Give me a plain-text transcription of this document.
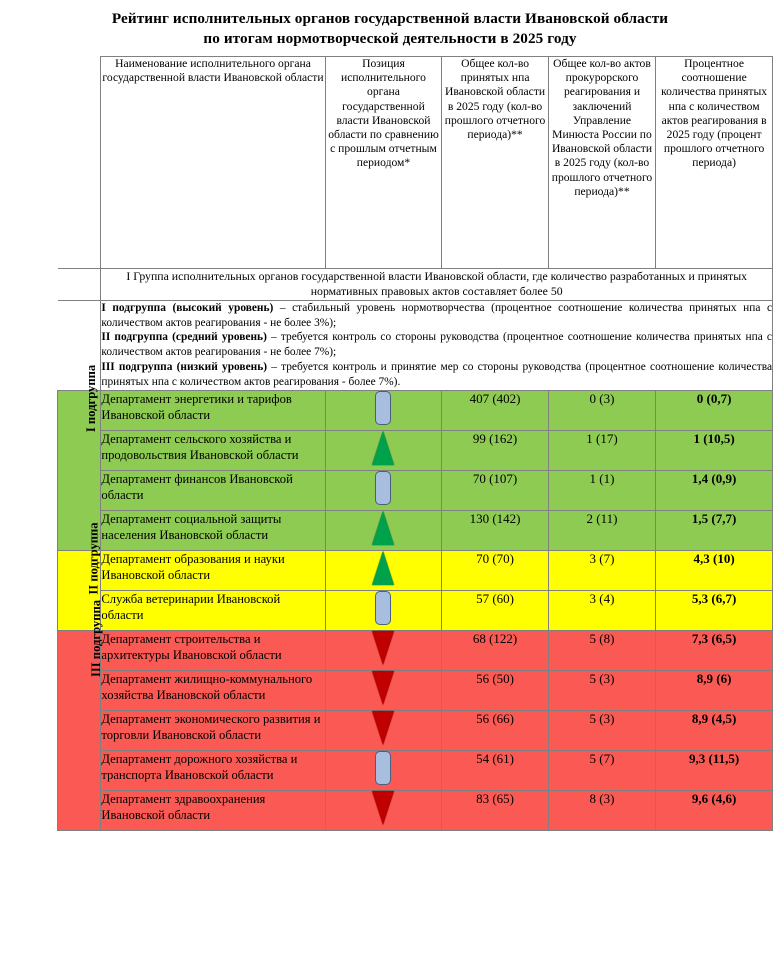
Рейтинг исполнительных органов государственной власти Ивановской области
по итогам нормотворческой деятельности в 2025 году
	Наименование исполнительного органа государственной власти Ивановской области	Позиция исполнительного органа государственной власти Ивановской области по сравнению с прошлым отчетным периодом*	Общее кол-во принятых нпа Ивановской области в 2025 году (кол-во прошлого отчетного периода)**	Общее кол-во актов прокурорского реагирования и заключений Управление Минюста России по Ивановской области в 2025 году (кол-во прошлого отчетного периода)**	Процентное соотношение количества принятых нпа с количеством актов реагирования в 2025 году (процент прошлого отчетного периода)
	I Группа исполнительных органов государственной власти Ивановской области, где количество разработанных и принятых нормативных правовых актов составляет более 50				

	I подгруппа (высокий уровень) – стабильный уровень нормотворчества (процентное соотношение количества принятых нпа с количеством актов реагирования - не более 3%);

II подгруппа (средний уровень) – требуется контроль со стороны руководства (процентное соотношение количества принятых нпа с количеством актов реагирования - не более 7%);

III подгруппа (низкий уровень) – требуется контроль и принятие мер со стороны руководства (процентное соотношение количества принятых нпа с количеством актов реагирования - более 7%).				

I подгруппа	Департамент энергетики и тарифов Ивановской области		407 (402)	0 (3)	0 (0,7)
	Департамент сельского хозяйства и продовольствия Ивановской области		99 (162)	1 (17)	1 (10,5)
	Департамент финансов Ивановской области		70 (107)	1 (1)	1,4 (0,9)
	Департамент социальной защиты населения Ивановской области		130 (142)	2 (11)	1,5 (7,7)
II подгруппа	Департамент образования и науки Ивановской области		70 (70)	3 (7)	4,3 (10)
	Служба ветеринарии Ивановской области		57 (60)	3 (4)	5,3 (6,7)
III подгруппа	Департамент строительства и архитектуры Ивановской области		68 (122)	5 (8)	7,3 (6,5)
	Департамент жилищно-коммунального хозяйства Ивановской области		56 (50)	5 (3)	8,9 (6)
	Департамент экономического развития и торговли Ивановской области		56 (66)	5 (3)	8,9 (4,5)
	Департамент дорожного хозяйства и транспорта Ивановской области		54 (61)	5 (7)	9,3 (11,5)
	Департамент здравоохранения Ивановской области		83 (65)	8 (3)	9,6 (4,6)
